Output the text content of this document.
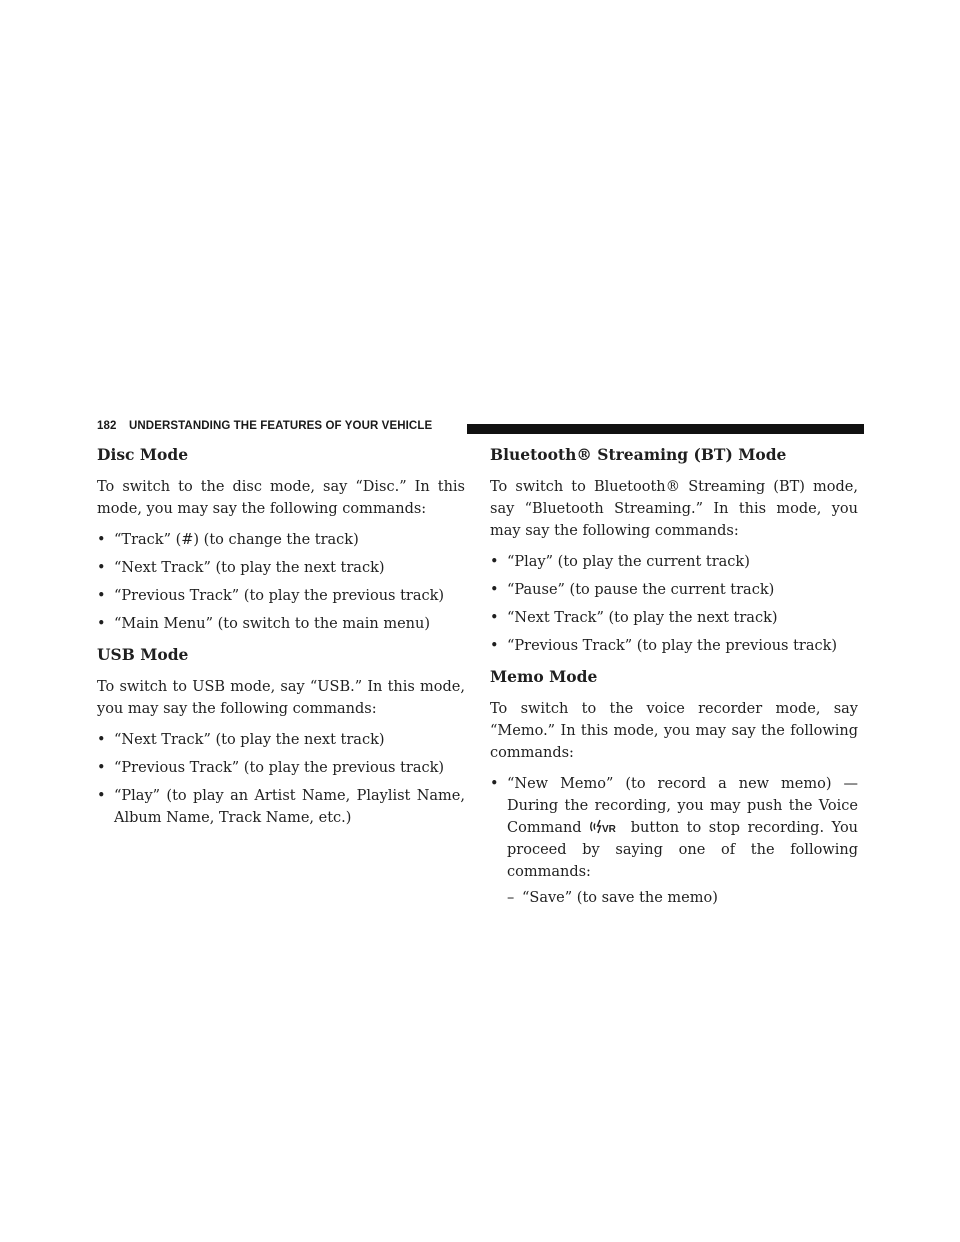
182 UNDERSTANDING THE FEATURES OF YOUR VEHICLE
Disc Mode

To switch to the disc mode, say “Disc.” In this mode, you may say the following commands:

• “Track” (#) (to change the track)
• “Next Track” (to play the next track)
• “Previous Track” (to play the previous track)
• “Main Menu” (to switch to the main menu)
USB Mode

To switch to USB mode, say “USB.” In this mode, you may say the following commands:

• “Next Track” (to play the next track)
• “Previous Track” (to play the previous track)
• “Play” (to play an Artist Name, Playlist Name, Album Name, Track Name, etc.)
Bluetooth® Streaming (BT) Mode

To switch to Bluetooth® Streaming (BT) mode, say “Bluetooth Streaming.” In this mode, you may say the following commands:

• “Play” (to play the current track)
• “Pause” (to pause the current track)
• “Next Track” (to play the next track)
• “Previous Track” (to play the previous track)
Memo Mode

To switch to the voice recorder mode, say “Memo.” In this mode, you may say the following commands:

• “New Memo” (to record a new memo) — During the recording, you may push the Voice Command VR button to stop recording. You proceed by saying one of the following commands:
– “Save” (to save the memo)
